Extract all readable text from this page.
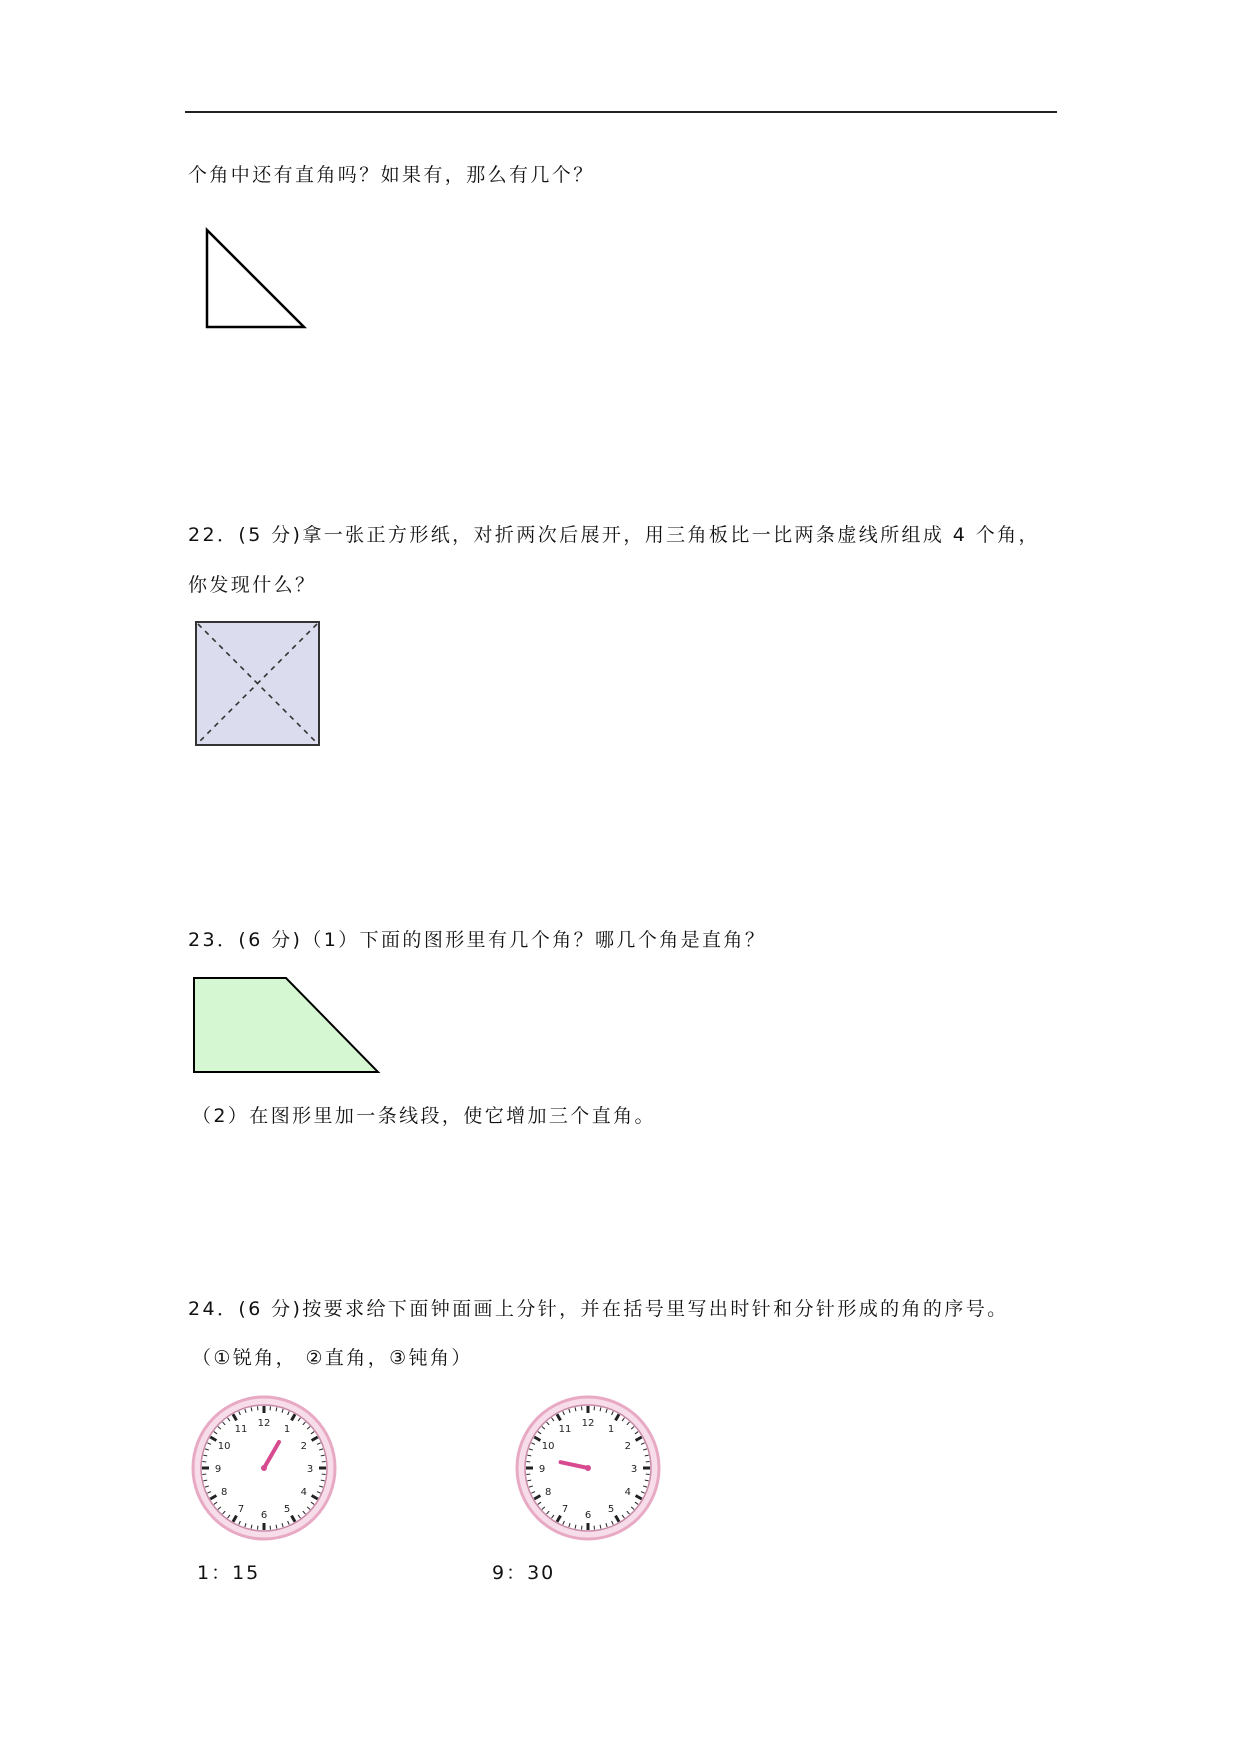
个角中还有直角吗？如果有，那么有几个？
22．(5 分)拿一张正方形纸，对折两次后展开，用三角板比一比两条虚线所组成 4 个角，
你发现什么？
23．(6 分)（1）下面的图形里有几个角？哪几个角是直角？
（2）在图形里加一条线段，使它增加三个直角。
24．(6 分)按要求给下面钟面画上分针，并在括号里写出时针和分针形成的角的序号。
（①锐角， ②直角，③钝角）
12
1
2
3
4
5
6
7
8
9
10
11
12
1
2
3
4
5
6
7
8
9
10
11
1：15	9：30
